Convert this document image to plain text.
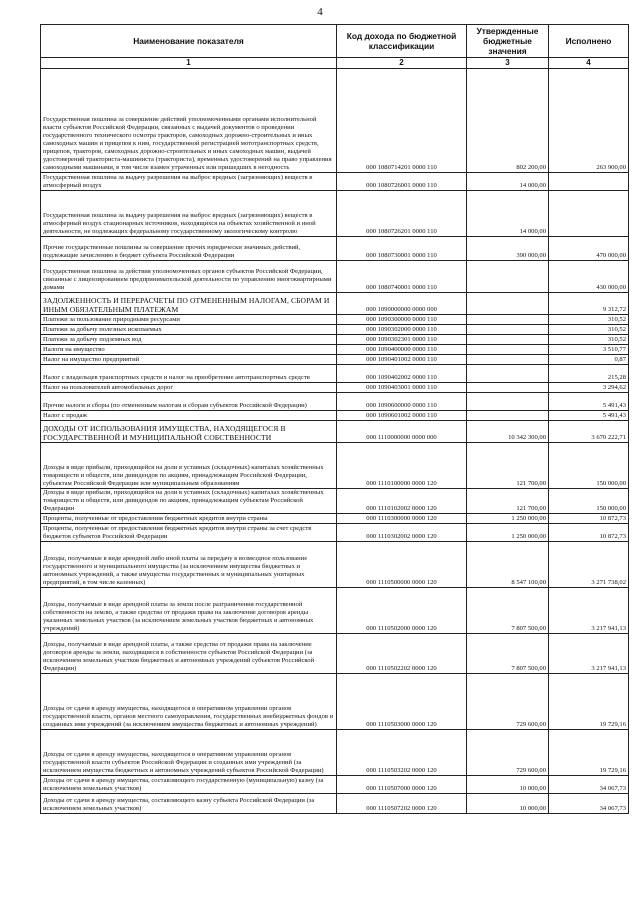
4
Наименование показателя	Код дохода по бюджетной классификации	Утвержденные бюджетные значения	Исполнено
1	2	3	4
Государственная пошлина за совершение действий уполномоченными органами исполнительной власти субъектов Российской Федерации, связанных с выдачей документов о проведении государственного технического осмотра тракторов, самоходных дорожно-строительных и иных самоходных машин и прицепов к ним, государственной регистрацией мототранспортных средств, прицепов, тракторов, самоходных дорожно-строительных и иных самоходных машин, выдачей удостоверений тракториста-машиниста (тракториста), временных удостоверений на право управления самоходными машинами, в том числе взамен утраченных или пришедших в негодность	000 1080714201 0000 110	802 200,00	263 900,00
Государственная пошлина за выдачу разрешения на выброс вредных (загрязняющих) веществ в атмосферный воздух	000 1080726001 0000 110	14 000,00	
Государственная пошлина за выдачу разрешения на выброс вредных (загрязняющих) веществ в атмосферный воздух стационарных источников, находящихся на объектах хозяйственной и иной деятельности, не подлежащих федеральному государственному экологическому контролю	000 1080726201 0000 110	14 000,00	
Прочие государственные пошлины за совершение прочих юридически значимых действий, подлежащие зачислению в бюджет субъекта Российской Федерации	000 1080730001 0000 110	390 000,00	470 000,00
Государственная пошлина за действия уполномоченных органов субъектов Российской Федерации, связанные с лицензированием предпринимательской деятельности по управлению многоквартирными домами	000 1080740001 0000 110		430 000,00
ЗАДОЛЖЕННОСТЬ И ПЕРЕРАСЧЕТЫ ПО ОТМЕНЕННЫМ НАЛОГАМ, СБОРАМ И ИНЫМ ОБЯЗАТЕЛЬНЫМ ПЛАТЕЖАМ	000 1090000000 0000 000		9 312,72
Платежи за пользование природными ресурсами	000 1090300000 0000 110		310,52
Платежи за добычу полезных ископаемых	000 1090302000 0000 110		310,52
Платежи за добычу подземных вод	000 1090302301 0000 110		310,52
Налоги на имущество	000 1090400000 0000 110		3 510,77
Налог на имущество предприятий	000 1090401002 0000 110		0,87
Налог с владельцев транспортных средств и налог на приобретение автотранспортных средств	000 1090402002 0000 110		215,28
Налог на пользователей автомобильных дорог	000 1090403001 0000 110		3 294,62
Прочие налоги и сборы (по отмененным налогам и сборам субъектов Российской Федерации)	000 1090600000 0000 110		5 491,43
Налог с продаж	000 1090601002 0000 110		5 491,43
ДОХОДЫ ОТ ИСПОЛЬЗОВАНИЯ ИМУЩЕСТВА, НАХОДЯЩЕГОСЯ В ГОСУДАРСТВЕННОЙ И МУНИЦИПАЛЬНОЙ СОБСТВЕННОСТИ	000 1110000000 0000 000	10 342 300,00	3 670 222,71
Доходы в виде прибыли, приходящейся на доли в уставных (складочных) капиталах хозяйственных товариществ и обществ, или дивидендов по акциям, принадлежащим Российской Федерации, субъектам Российской Федерации или муниципальным образованиям	000 1110100000 0000 120	121 700,00	150 000,00
Доходы в виде прибыли, приходящейся на доли в уставных (складочных) капиталах хозяйственных товариществ и обществ, или дивидендов по акциям, принадлежащим субъектам Российской Федерации	000 1110102002 0000 120	121 700,00	150 000,00
Проценты, полученные от предоставления бюджетных кредитов внутри страны	000 1110300000 0000 120	1 250 000,00	10 872,73
Проценты, полученные от предоставления бюджетных кредитов внутри страны за счет средств бюджетов субъектов Российской Федерации	000 1110302002 0000 120	1 250 000,00	10 872,73
Доходы, получаемые в виде арендной либо иной платы за передачу в возмездное пользование государственного и муниципального имущества (за исключением имущества бюджетных и автономных учреждений, а также имущества государственных и муниципальных унитарных предприятий, в том числе казенных)	000 1110500000 0000 120	8 547 100,00	3 271 738,02
Доходы, получаемые в виде арендной платы за земли после разграничения государственной собственности на землю, а также средства от продажи права на заключение договоров аренды указанных земельных участков (за исключением земельных участков бюджетных и автономных учреждений)	000 1110502000 0000 120	7 807 500,00	3 217 941,13
Доходы, получаемые в виде арендной платы, а также средства от продажи права на заключение договоров аренды за земли, находящиеся в собственности субъектов Российской Федерации (за исключением земельных участков бюджетных и автономных учреждений субъектов Российской Федерации)	000 1110502202 0000 120	7 807 500,00	3 217 941,13
Доходы от сдачи в аренду имущества, находящегося в оперативном управлении органов государственной власти, органов местного самоуправления, государственных внебюджетных фондов и созданных ими учреждений (за исключением имущества бюджетных и автономных учреждений)	000 1110503000 0000 120	729 600,00	19 729,16
Доходы от сдачи в аренду имущества, находящегося в оперативном управлении органов государственной власти субъектов Российской Федерации и созданных ими учреждений (за исключением имущества бюджетных и автономных учреждений субъектов Российской Федерации)	000 1110503202 0000 120	729 600,00	19 729,16
Доходы от сдачи в аренду имущества, составляющего государственную (муниципальную) казну (за исключением земельных участков)	000 1110507000 0000 120	10 000,00	34 067,73
Доходы от сдачи в аренду имущества, составляющего казну субъекта Российской Федерации (за исключением земельных участков)	000 1110507202 0000 120	10 000,00	34 067,73
